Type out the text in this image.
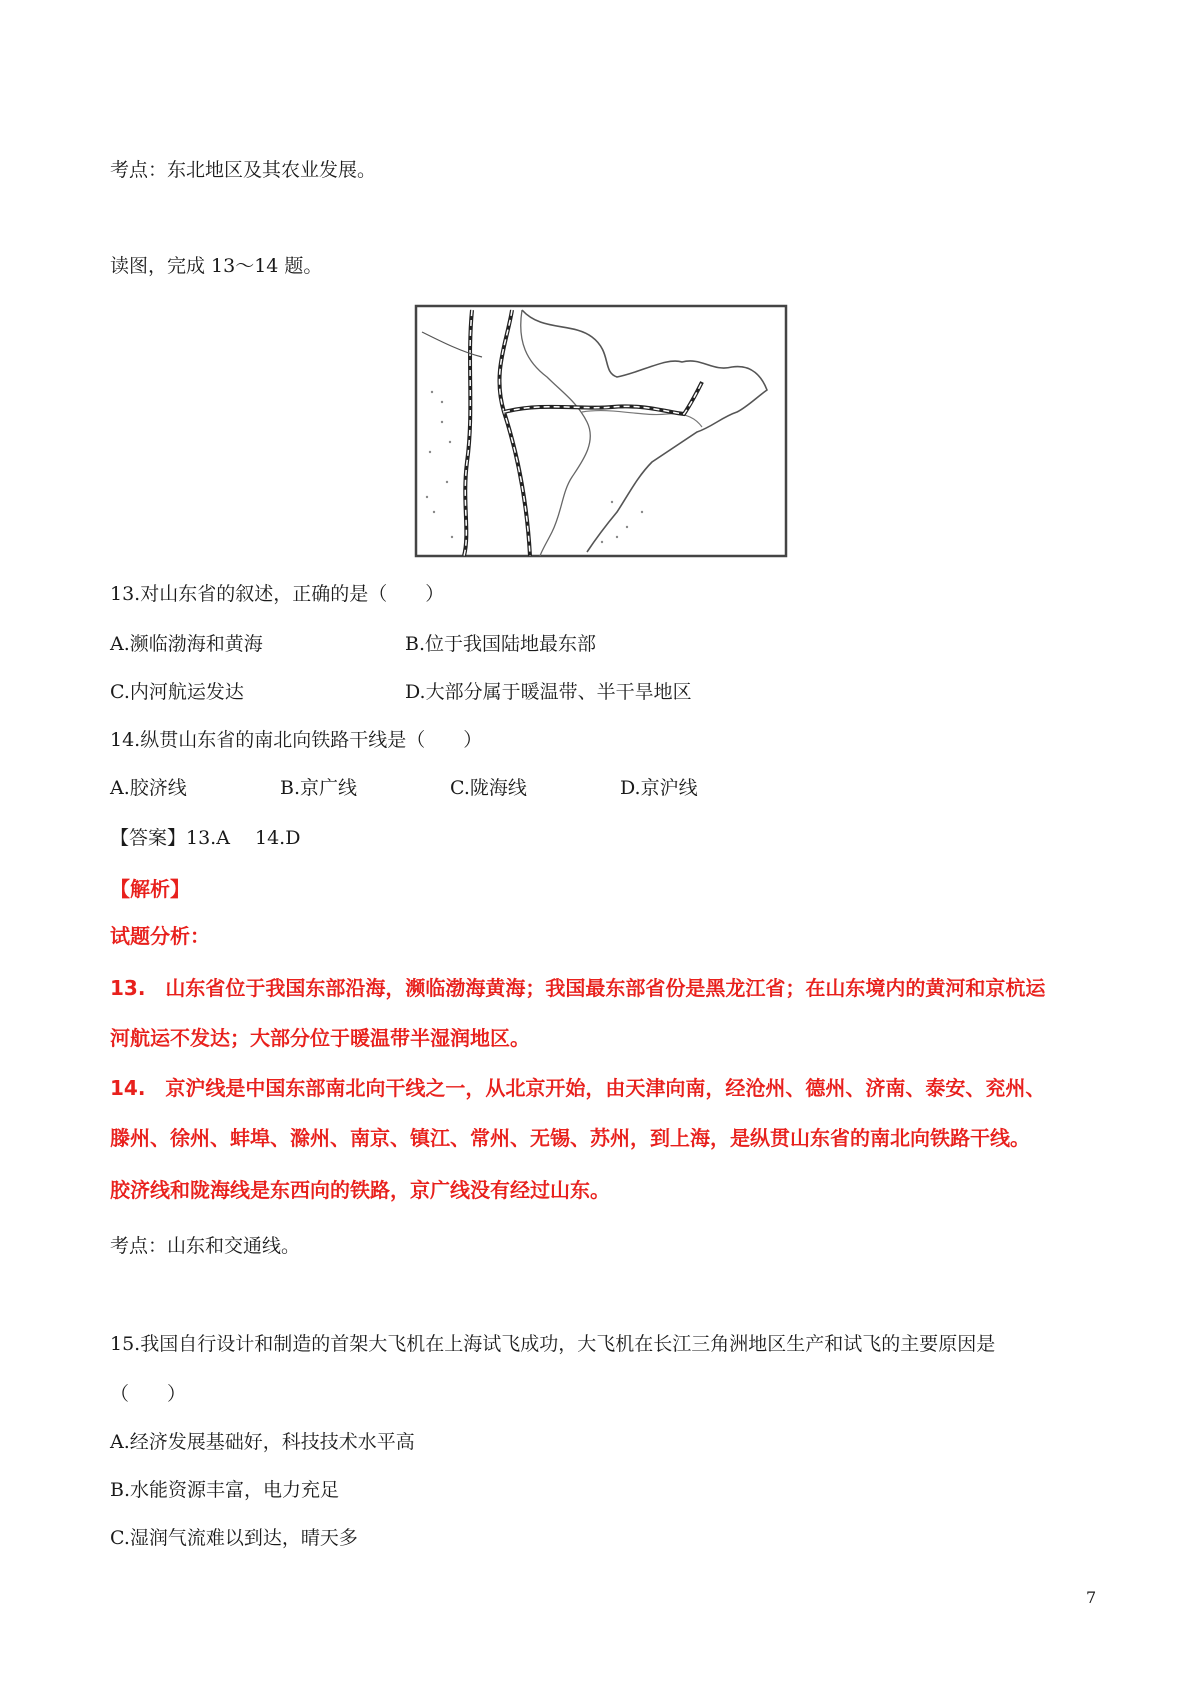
考点：东北地区及其农业发展。
读图，完成 13～14 题。
13.对山东省的叙述，正确的是（　　）
A.濒临渤海和黄海	B.位于我国陆地最东部
C.内河航运发达	D.大部分属于暖温带、半干旱地区
14.纵贯山东省的南北向铁路干线是（　　）
A.胶济线	B.京广线	C.陇海线	D.京沪线
【答案】13.A　 14.D
【解析】
试题分析：
13.　山东省位于我国东部沿海，濒临渤海黄海；我国最东部省份是黑龙江省；在山东境内的黄河和京杭运
河航运不发达；大部分位于暖温带半湿润地区。
14.　京沪线是中国东部南北向干线之一，从北京开始，由天津向南，经沧州、德州、济南、泰安、兖州、
滕州、徐州、蚌埠、滁州、南京、镇江、常州、无锡、苏州，到上海，是纵贯山东省的南北向铁路干线。
胶济线和陇海线是东西向的铁路，京广线没有经过山东。
考点：山东和交通线。
15.我国自行设计和制造的首架大飞机在上海试飞成功，大飞机在长江三角洲地区生产和试飞的主要原因是
（　　）
A.经济发展基础好，科技技术水平高
B.水能资源丰富，电力充足
C.湿润气流难以到达，晴天多
7
